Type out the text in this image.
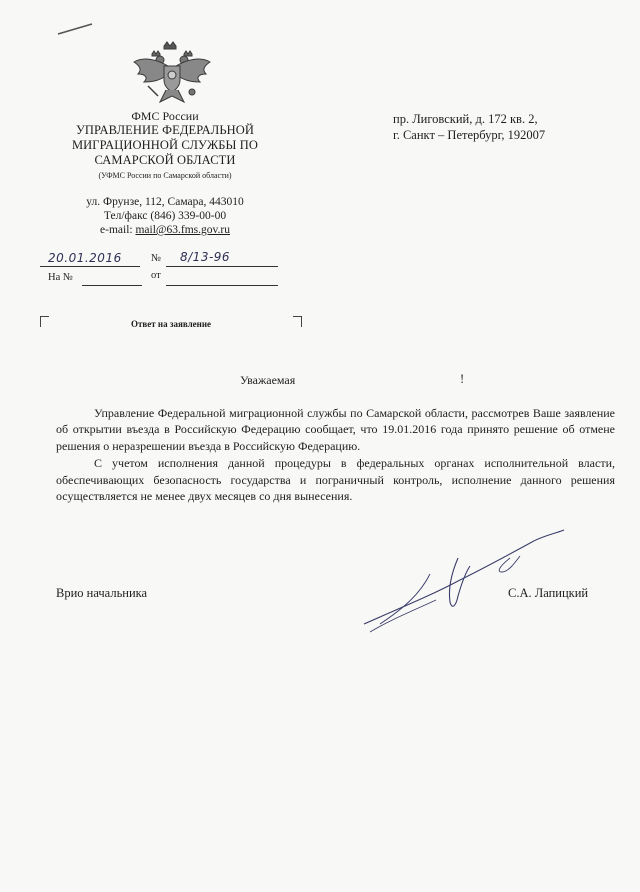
ФМС России
УПРАВЛЕНИЕ ФЕДЕРАЛЬНОЙ
МИГРАЦИОННОЙ СЛУЖБЫ ПО
САМАРСКОЙ ОБЛАСТИ
(УФМС России по Самарской области)
ул. Фрунзе, 112, Самара, 443010
Тел/факс (846) 339-00-00
e-mail: mail@63.fms.gov.ru
пр. Лиговский, д. 172 кв. 2,
г. Санкт – Петербург, 192007
20.01.2016	№ 8/13-96
На №	от
Ответ на заявление
Уважаемая	!

Управление Федеральной миграционной службы по Самарской области, рассмотрев Ваше заявление об открытии въезда в Российскую Федерацию сообщает, что 19.01.2016 года принято решение об отмене решения о неразрешении въезда в Российскую Федерацию.

С учетом исполнения данной процедуры в федеральных органах исполнительной власти, обеспечивающих безопасность государства и пограничный контроль, исполнение данного решения осуществляется не менее двух месяцев со дня вынесения.

Врио начальника	С.А. Лапицкий
